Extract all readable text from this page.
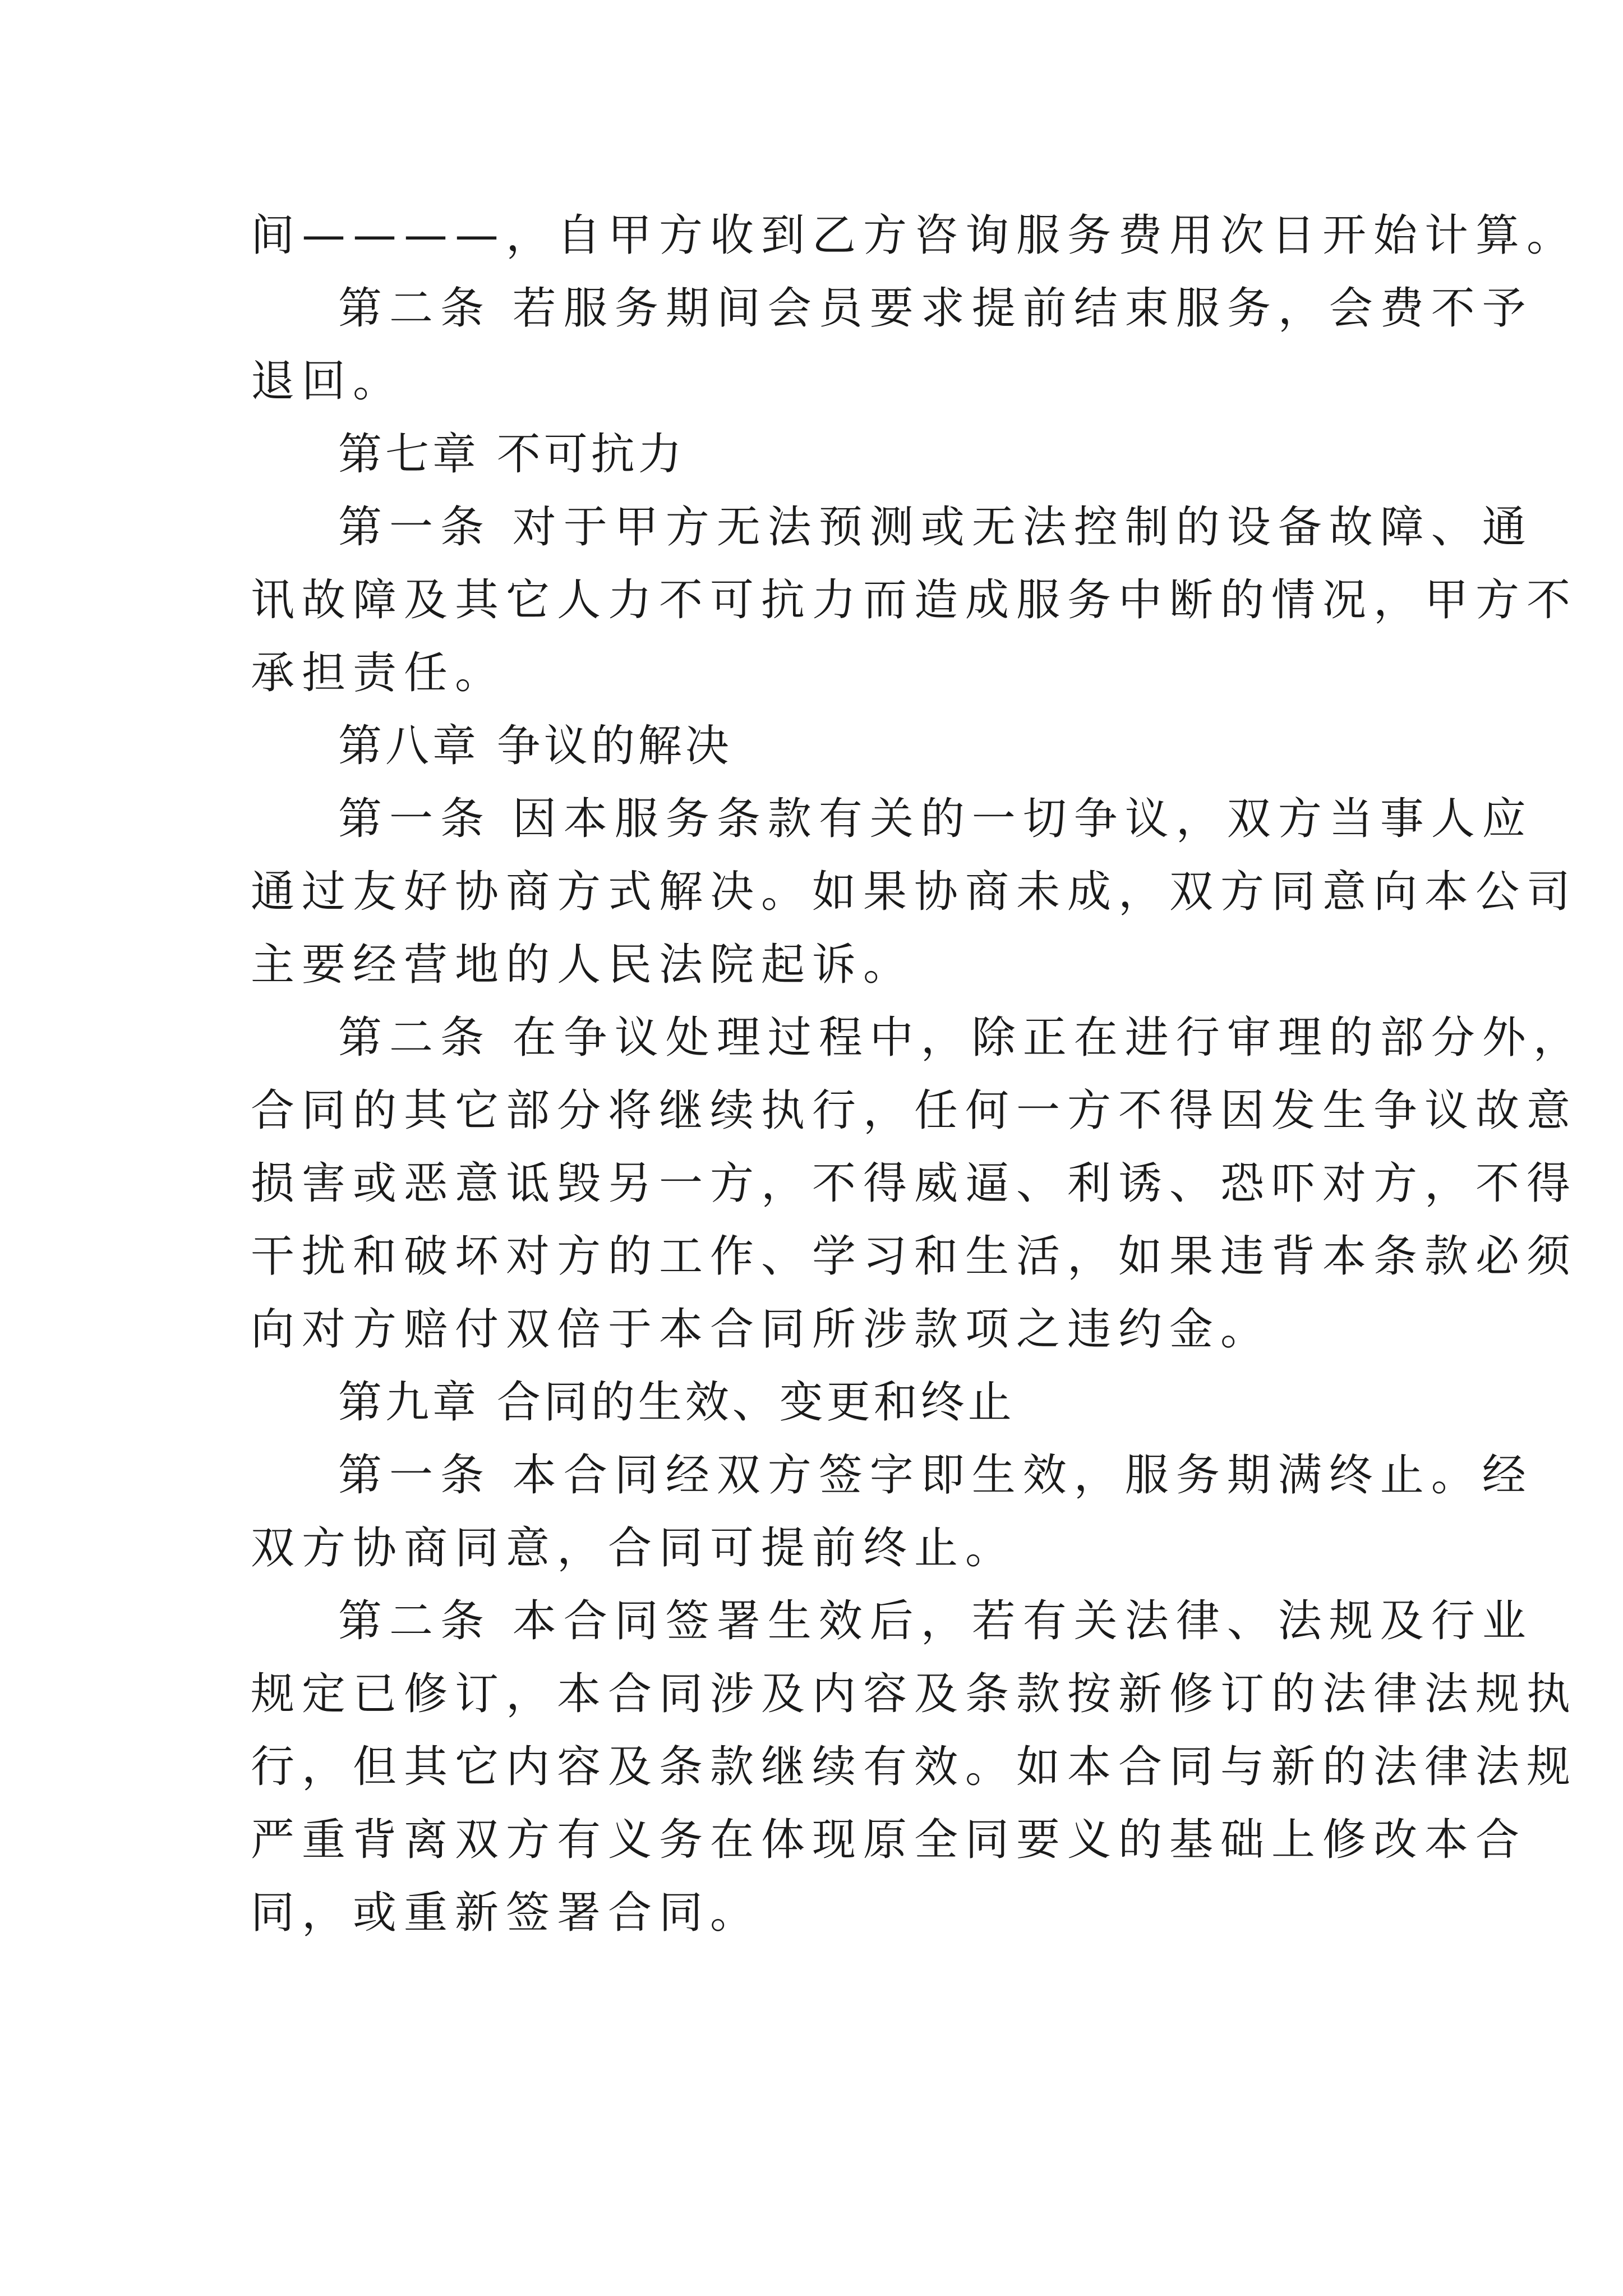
间————，自甲方收到乙方咨询服务费用次日开始计算。

第二条 若服务期间会员要求提前结束服务，会费不予
退回。

第七章 不可抗力

第一条 对于甲方无法预测或无法控制的设备故障、通
讯故障及其它人力不可抗力而造成服务中断的情况，甲方不
承担责任。

第八章 争议的解决

第一条 因本服务条款有关的一切争议，双方当事人应
通过友好协商方式解决。如果协商未成，双方同意向本公司
主要经营地的人民法院起诉。

第二条 在争议处理过程中，除正在进行审理的部分外，
合同的其它部分将继续执行，任何一方不得因发生争议故意
损害或恶意诋毁另一方，不得威逼、利诱、恐吓对方，不得
干扰和破坏对方的工作、学习和生活，如果违背本条款必须
向对方赔付双倍于本合同所涉款项之违约金。

第九章 合同的生效、变更和终止

第一条 本合同经双方签字即生效，服务期满终止。经
双方协商同意，合同可提前终止。

第二条 本合同签署生效后，若有关法律、法规及行业
规定已修订，本合同涉及内容及条款按新修订的法律法规执
行，但其它内容及条款继续有效。如本合同与新的法律法规
严重背离双方有义务在体现原全同要义的基础上修改本合
同，或重新签署合同。
